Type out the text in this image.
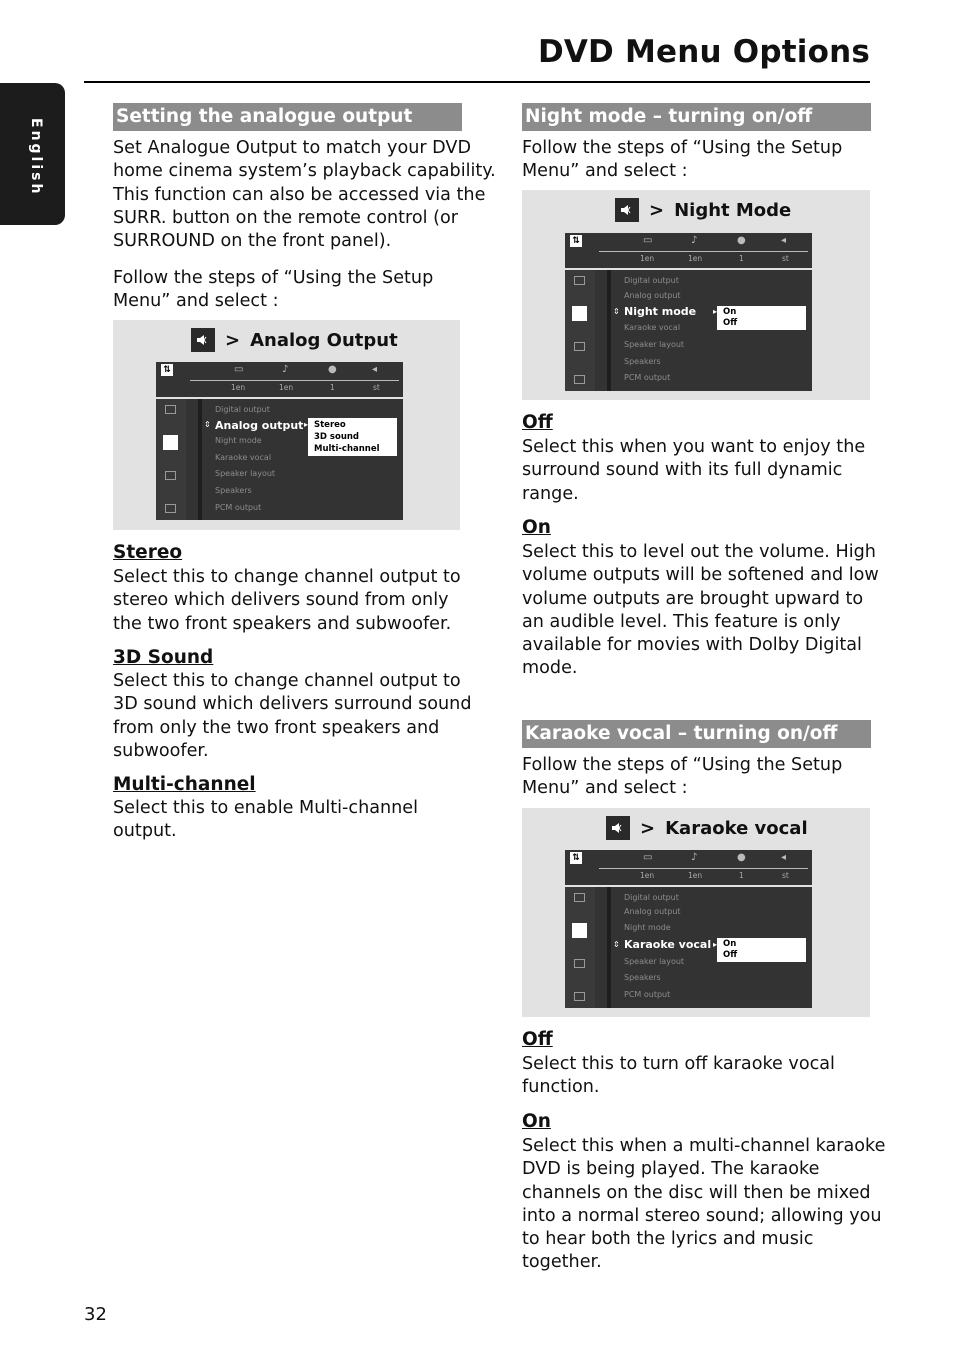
DVD Menu Options
English
Setting the analogue output
Set Analogue Output to match your DVD
home cinema system’s playback capability.
This function can also be accessed via the
SURR. button on the remote control (or
SURROUND on the front panel).
Follow the steps of “Using the Setup
Menu” and select :
> Analog Output
⇅	▭	♪	●	◂
1en	1en	1	st
Digital output
⇕ Analog output
Night mode
Karaoke vocal
Speaker layout
Speakers
PCM output
▸ Stereo
3D sound
Multi-channel
Stereo
Select this to change channel output to
stereo which delivers sound from only
the two front speakers and subwoofer.
3D Sound
Select this to change channel output to
3D sound which delivers surround sound
from only the two front speakers and
subwoofer.
Multi-channel
Select this to enable Multi-channel
output.
Night mode – turning on/off
Follow the steps of “Using the Setup
Menu” and select :
> Night Mode
⇅	▭	♪	●	◂
1en	1en	1	st
Digital output
Analog output
⇕ Night mode
Karaoke vocal
Speaker layout
Speakers
PCM output
▸ On
Off
Off
Select this when you want to enjoy the
surround sound with its full dynamic
range.
On
Select this to level out the volume. High
volume outputs will be softened and low
volume outputs are brought upward to
an audible level. This feature is only
available for movies with Dolby Digital
mode.
Karaoke vocal – turning on/off
Follow the steps of “Using the Setup
Menu” and select :
> Karaoke vocal
⇅	▭	♪	●	◂
1en	1en	1	st
Digital output
Analog output
Night mode
⇕ Karaoke vocal
Speaker layout
Speakers
PCM output
▸ On
Off
Off
Select this to turn off karaoke vocal
function.
On
Select this when a multi-channel karaoke
DVD is being played. The karaoke
channels on the disc will then be mixed
into a normal stereo sound; allowing you
to hear both the lyrics and music
together.
32
